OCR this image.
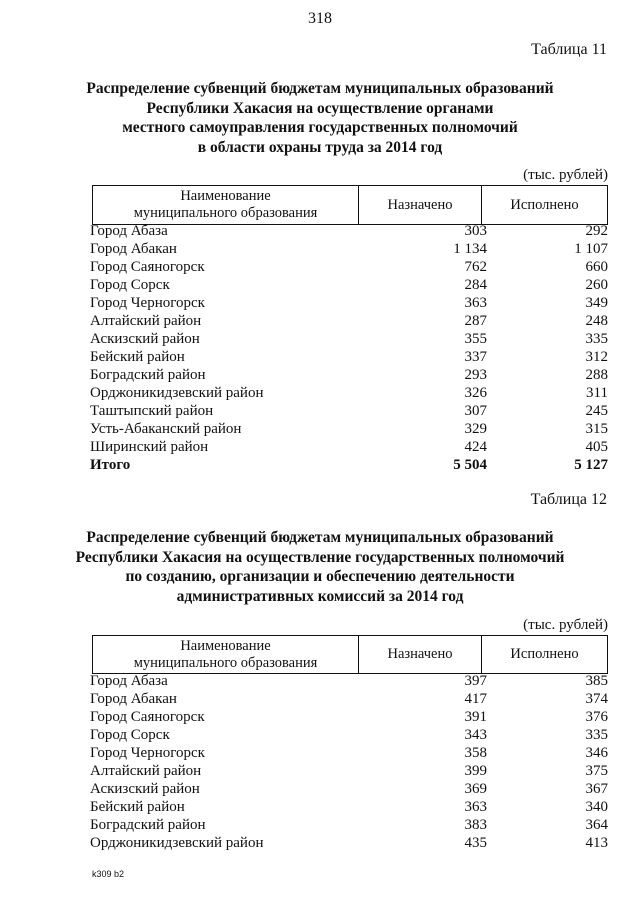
318
Таблица 11
Распределение субвенций бюджетам муниципальных образований
Республики Хакасия на осуществление органами
местного самоуправления государственных полномочий
в области охраны труда за 2014 год
(тыс. рублей)
Наименование
муниципального образования
Назначено	Исполнено
Город Абаза	303	292
Город Абакан	1 134	1 107
Город Саяногорск	762	660
Город Сорск	284	260
Город Черногорск	363	349
Алтайский район	287	248
Аскизский район	355	335
Бейский район	337	312
Боградский район	293	288
Орджоникидзевский район	326	311
Таштыпский район	307	245
Усть-Абаканский район	329	315
Ширинский район	424	405
Итого	5 504	5 127
Таблица 12
Распределение субвенций бюджетам муниципальных образований
Республики Хакасия на осуществление государственных полномочий
по созданию, организации и обеспечению деятельности
административных комиссий за 2014 год
(тыс. рублей)
Наименование
муниципального образования
Назначено	Исполнено
Город Абаза	397	385
Город Абакан	417	374
Город Саяногорск	391	376
Город Сорск	343	335
Город Черногорск	358	346
Алтайский район	399	375
Аскизский район	369	367
Бейский район	363	340
Боградский район	383	364
Орджоникидзевский район	435	413
k309 b2
